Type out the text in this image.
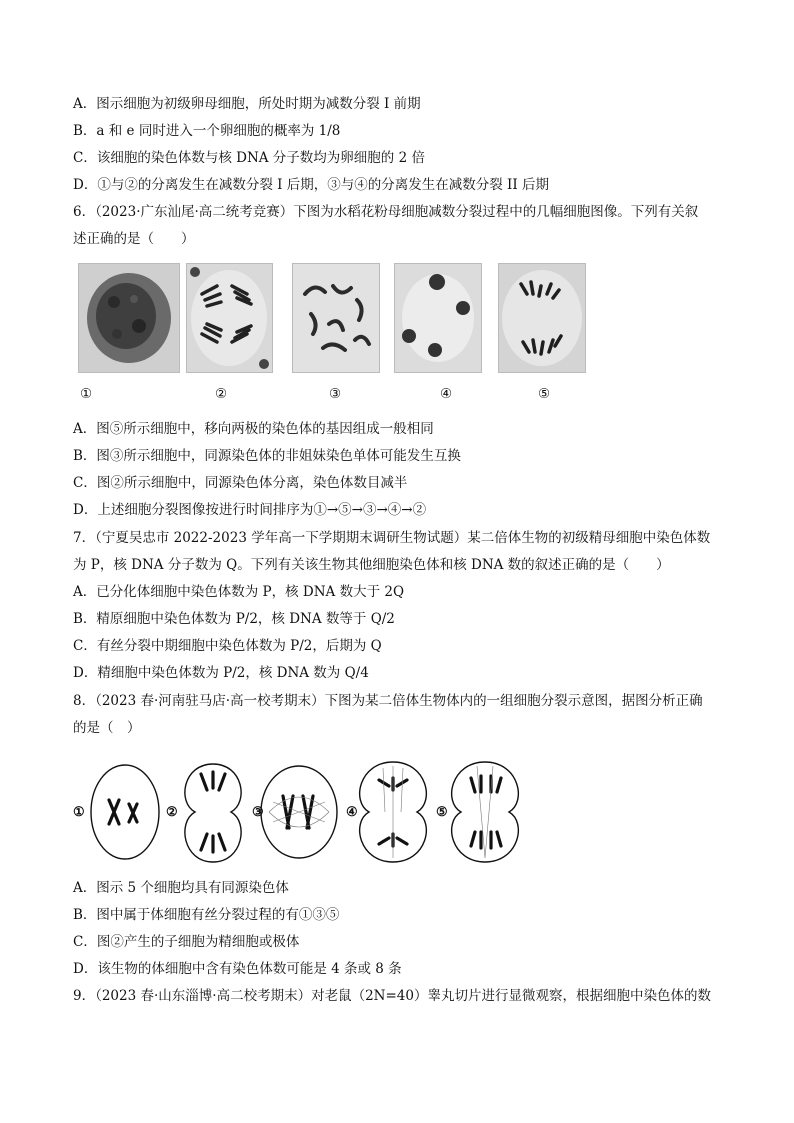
A．图示细胞为初级卵母细胞，所处时期为减数分裂 I 前期
B．a 和 e 同时进入一个卵细胞的概率为 1/8
C．该细胞的染色体数与核 DNA 分子数均为卵细胞的 2 倍
D．①与②的分离发生在减数分裂 I 后期，③与④的分离发生在减数分裂 II 后期
6．（2023·广东汕尾·高二统考竞赛）下图为水稻花粉母细胞减数分裂过程中的几幅细胞图像。下列有关叙
述正确的是（　　）
①	②	③	④	⑤
A．图⑤所示细胞中，移向两极的染色体的基因组成一般相同
B．图③所示细胞中，同源染色体的非姐妹染色单体可能发生互换
C．图②所示细胞中，同源染色体分离，染色体数目减半
D．上述细胞分裂图像按进行时间排序为①→⑤→③→④→②
7．（宁夏吴忠市 2022-2023 学年高一下学期期末调研生物试题）某二倍体生物的初级精母细胞中染色体数
为 P，核 DNA 分子数为 Q。下列有关该生物其他细胞染色体和核 DNA 数的叙述正确的是（　　）
A．已分化体细胞中染色体数为 P，核 DNA 数大于 2Q
B．精原细胞中染色体数为 P/2，核 DNA 数等于 Q/2
C．有丝分裂中期细胞中染色体数为 P/2，后期为 Q
D．精细胞中染色体数为 P/2，核 DNA 数为 Q/4
8．（2023 春·河南驻马店·高一校考期末）下图为某二倍体生物体内的一组细胞分裂示意图，据图分析正确
的是（　）
①	②	③	④	⑤
A．图示 5 个细胞均具有同源染色体
B．图中属于体细胞有丝分裂过程的有①③⑤
C．图②产生的子细胞为精细胞或极体
D．该生物的体细胞中含有染色体数可能是 4 条或 8 条
9．（2023 春·山东淄博·高二校考期末）对老鼠（2N=40）睾丸切片进行显微观察，根据细胞中染色体的数
